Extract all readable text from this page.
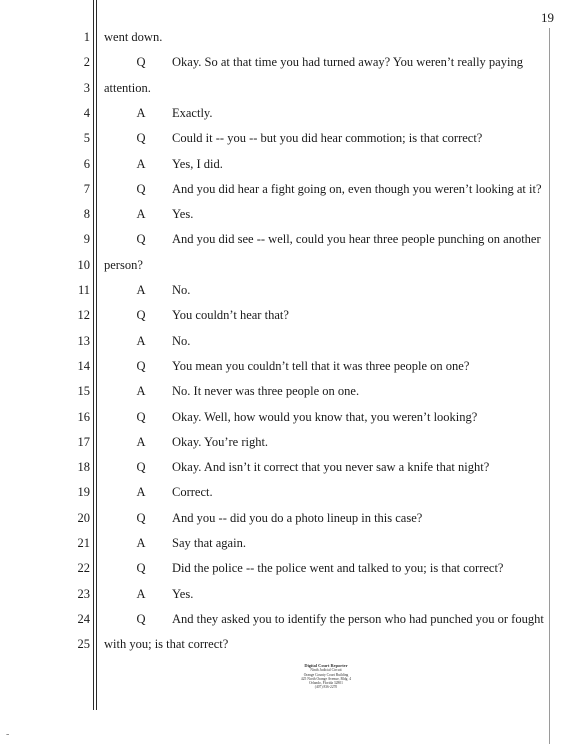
19
1 went down.
2	Q	Okay. So at that time you had turned away? You weren’t really paying
3 attention.
4	A	Exactly.
5	Q	Could it -- you -- but you did hear commotion; is that correct?
6	A	Yes, I did.
7	Q	And you did hear a fight going on, even though you weren’t looking at it?
8	A	Yes.
9	Q	And you did see -- well, could you hear three people punching on another
10 person?
11	A	No.
12	Q	You couldn’t hear that?
13	A	No.
14	Q	You mean you couldn’t tell that it was three people on one?
15	A	No. It never was three people on one.
16	Q	Okay. Well, how would you know that, you weren’t looking?
17	A	Okay. You’re right.
18	Q	Okay. And isn’t it correct that you never saw a knife that night?
19	A	Correct.
20	Q	And you -- did you do a photo lineup in this case?
21	A	Say that again.
22	Q	Did the police -- the police went and talked to you; is that correct?
23	A	Yes.
24	Q	And they asked you to identify the person who had punched you or fought
25 with you; is that correct?
Digital Court Reporter
Ninth Judicial Circuit
Orange County Court Building
425 North Orange Avenue, Bldg. 4
Orlando, Florida 32801
(407) 836-2270
-
